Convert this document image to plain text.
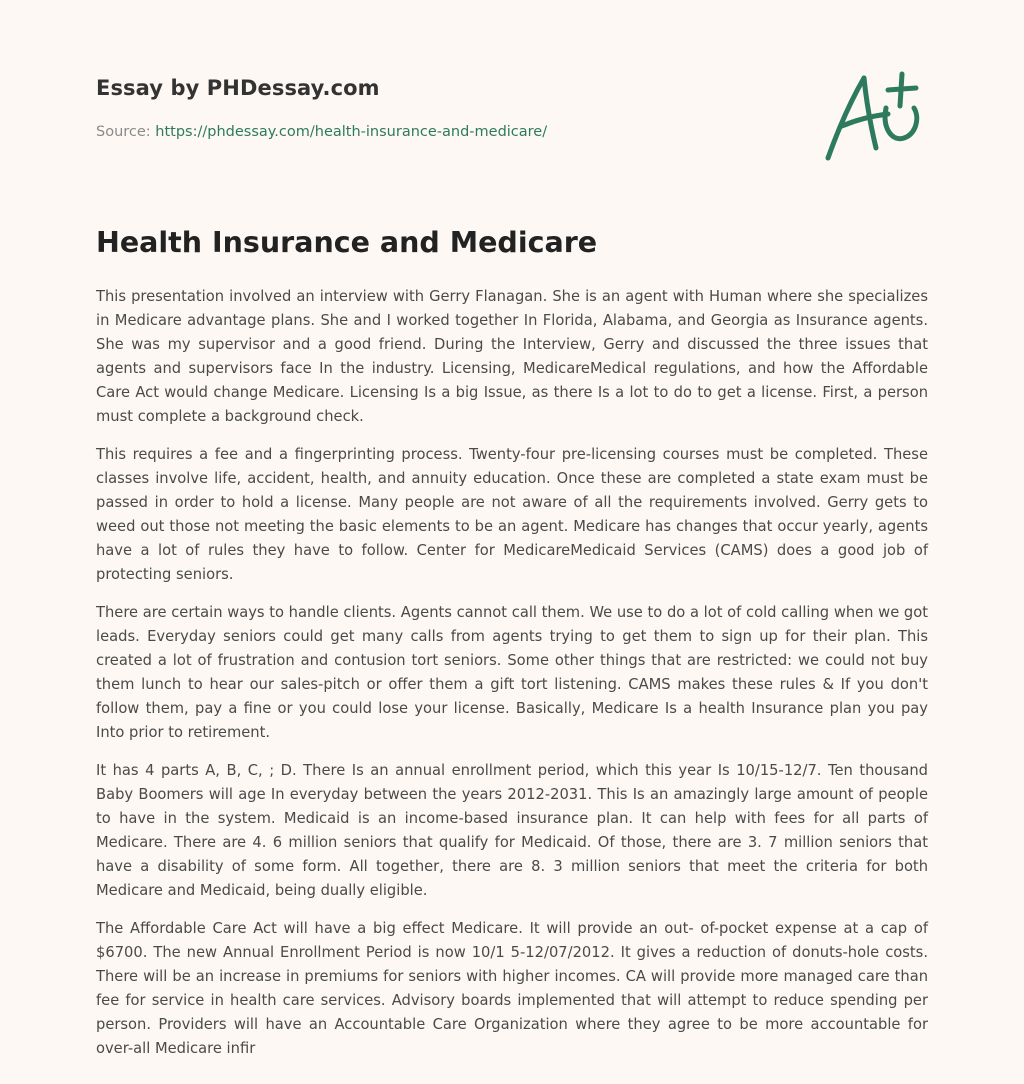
Essay by PHDessay.com

Source: https://phdessay.com/health-insurance-and-medicare/

Health Insurance and Medicare

This presentation involved an interview with Gerry Flanagan. She is an agent with Human where she specializes in Medicare advantage plans. She and I worked together In Florida, Alabama, and Georgia as Insurance agents. She was my supervisor and a good friend. During the Interview, Gerry and discussed the three issues that agents and supervisors face In the industry. Licensing, MedicareMedical regulations, and how the Affordable Care Act would change Medicare. Licensing Is a big Issue, as there Is a lot to do to get a license. First, a person must complete a background check.

This requires a fee and a fingerprinting process. Twenty-four pre-licensing courses must be completed. These classes involve life, accident, health, and annuity education. Once these are completed a state exam must be passed in order to hold a license. Many people are not aware of all the requirements involved. Gerry gets to weed out those not meeting the basic elements to be an agent. Medicare has changes that occur yearly, agents have a lot of rules they have to follow. Center for MedicareMedicaid Services (CAMS) does a good job of protecting seniors.

There are certain ways to handle clients. Agents cannot call them. We use to do a lot of cold calling when we got leads. Everyday seniors could get many calls from agents trying to get them to sign up for their plan. This created a lot of frustration and contusion tort seniors. Some other things that are restricted: we could not buy them lunch to hear our sales-pitch or offer them a gift tort listening. CAMS makes these rules & If you don't follow them, pay a fine or you could lose your license. Basically, Medicare Is a health Insurance plan you pay Into prior to retirement.

It has 4 parts A, B, C, ; D. There Is an annual enrollment period, which this year Is 10/15-12/7. Ten thousand Baby Boomers will age In everyday between the years 2012-2031. This Is an amazingly large amount of people to have in the system. Medicaid is an income-based insurance plan. It can help with fees for all parts of Medicare. There are 4. 6 million seniors that qualify for Medicaid. Of those, there are 3. 7 million seniors that have a disability of some form. All together, there are 8. 3 million seniors that meet the criteria for both Medicare and Medicaid, being dually eligible.

The Affordable Care Act will have a big effect Medicare. It will provide an out- of-pocket expense at a cap of $6700. The new Annual Enrollment Period is now 10/1 5-12/07/2012. It gives a reduction of donuts-hole costs. There will be an increase in premiums for seniors with higher incomes. CA will provide more managed care than fee for service in health care services. Advisory boards implemented that will attempt to reduce spending per person. Providers will have an Accountable Care Organization where they agree to be more accountable for over-all Medicare infir
